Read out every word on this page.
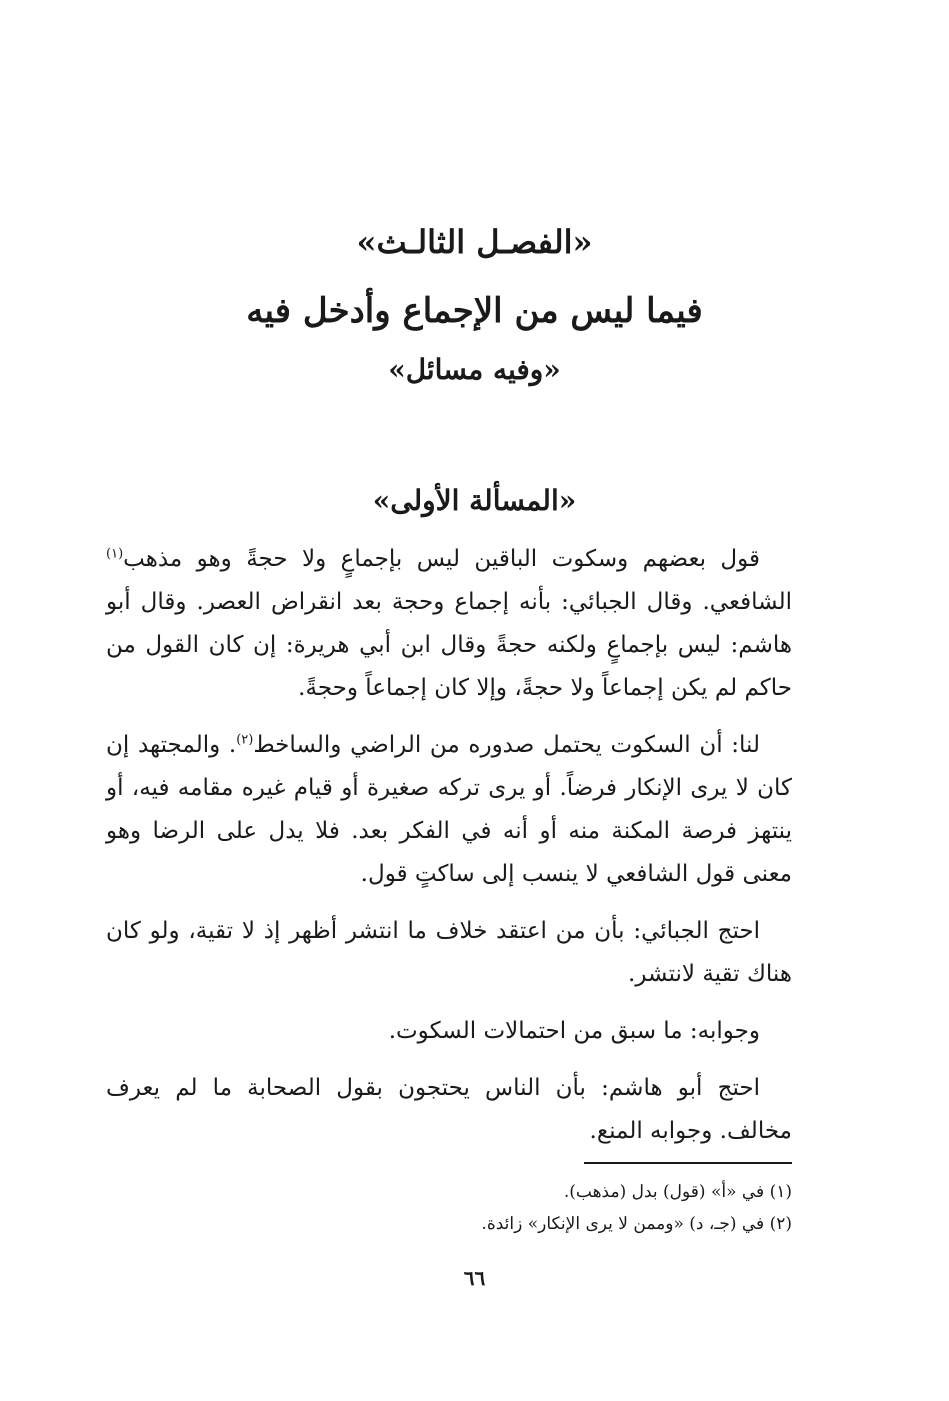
«الفصـل الثالـث»
فيما ليس من الإجماع وأدخل فيه
«وفيه مسائل»
«المسألة الأولى»

قول بعضهم وسكوت الباقين ليس بإجماعٍ ولا حجةً وهو مذهب$^{(١)}$ الشافعي. وقال الجبائي: بأنه إجماع وحجة بعد انقراض العصر. وقال أبو هاشم: ليس بإجماعٍ ولكنه حجةً وقال ابن أبي هريرة: إن كان القول من حاكم لم يكن إجماعاً ولا حجةً، وإلا كان إجماعاً وحجةً.

لنا: أن السكوت يحتمل صدوره من الراضي والساخط$^{(٢)}$. والمجتهد إن كان لا يرى الإنكار فرضاً. أو يرى تركه صغيرة أو قيام غيره مقامه فيه، أو ينتهز فرصة المكنة منه أو أنه في الفكر بعد. فلا يدل على الرضا وهو معنى قول الشافعي لا ينسب إلى ساكتٍ قول.

احتج الجبائي: بأن من اعتقد خلاف ما انتشر أظهر إذ لا تقية، ولو كان هناك تقية لانتشر.

وجوابه: ما سبق من احتمالات السكوت.

احتج أبو هاشم: بأن الناس يحتجون بقول الصحابة ما لم يعرف مخالف. وجوابه المنع.

(١) في «أ» (قول) بدل (مذهب).
(٢) في (جـ، د) «وممن لا يرى الإنكار» زائدة.
٦٦
